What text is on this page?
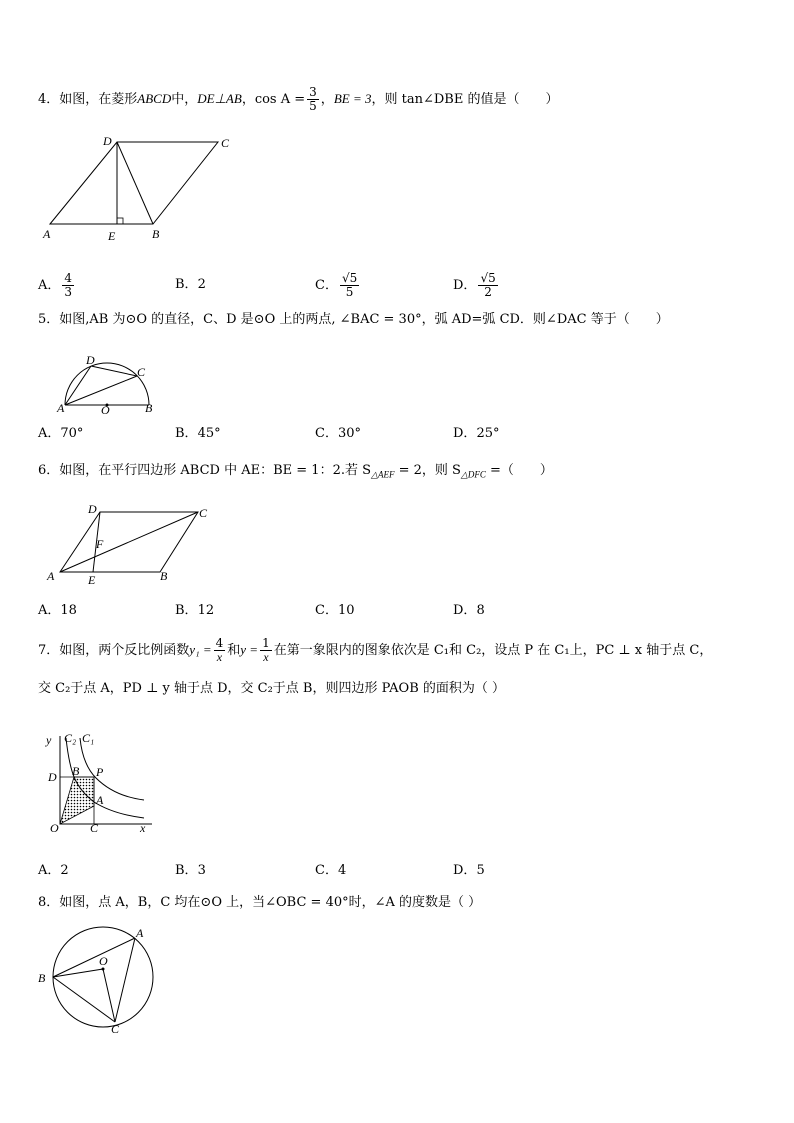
4．如图，在菱形ABCD中，DE⊥AB，$\cos A = \frac{3}{5}$ ，BE = 3，则 tan∠DBE 的值是（　　）
D	C
A	E	B
A． $\frac{4}{3}$	B．2	C． $\frac{√5}{5}$	D． $\frac{√5}{2}$
5．如图,AB 为⊙O 的直径，C、D 是⊙O 上的两点, ∠BAC = 30°，弧 AD=弧 CD．则∠DAC 等于（　　）
D
C
A	O	B
A．70°	B．45°	C．30°	D．25°
6．如图，在平行四边形 ABCD 中 AE：BE = 1：2.若 $S_{\triangle AEF} = 2$，则 $S_{\triangle DFC}$ =（　　）
D	C
F
A	E	B
A．18	B．12	C．10	D．8
7．如图，两个反比例函数$y_1 = \frac{4}{x}$ 和$y = \frac{1}{x}$ 在第一象限内的图象依次是 C₁和 C₂，设点 P 在 C₁上，PC ⊥ x 轴于点 C，
交 C₂于点 A，PD ⊥ y 轴于点 D，交 C₂于点 B，则四边形 PAOB 的面积为（ ）
y C₂ C₁
D B P
A
O	C	x
A．2	B．3	C．4	D．5
8．如图，点 A，B，C 均在⊙O 上，当∠OBC = 40°时，∠A 的度数是（ ）
A
B
O
C
